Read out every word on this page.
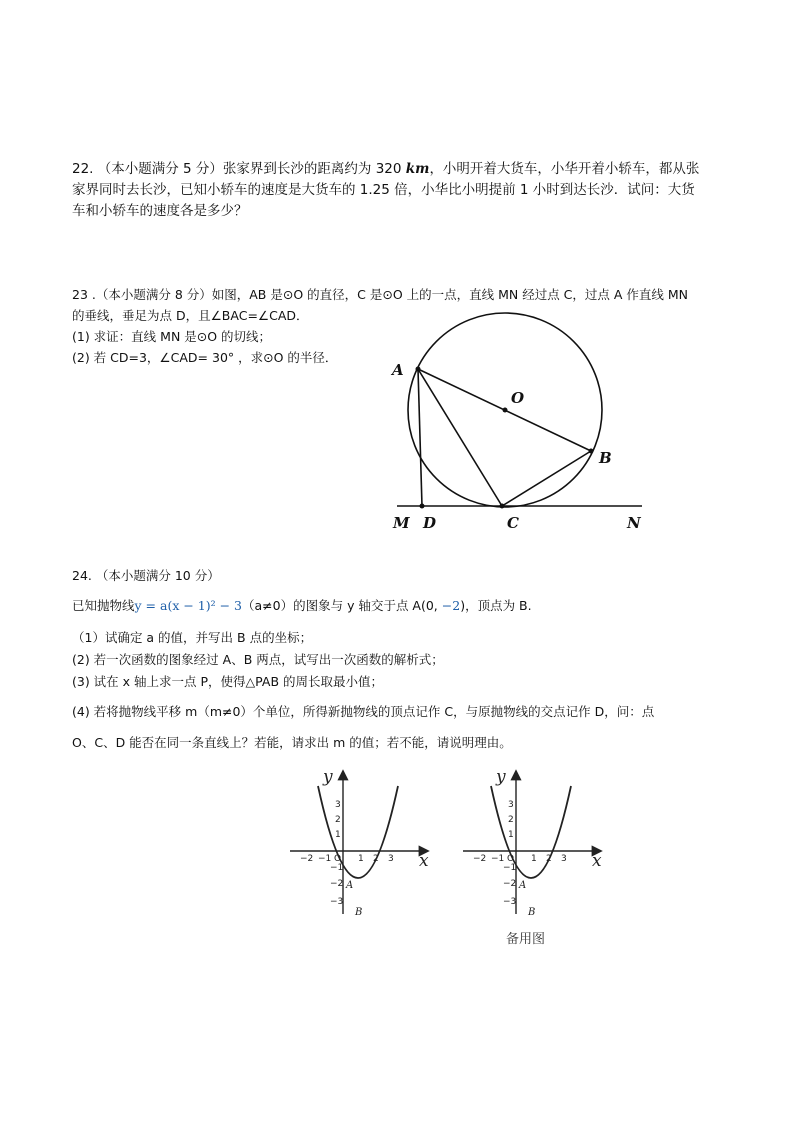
22. （本小题满分 5 分）张家界到长沙的距离约为 320 km，小明开着大货车，小华开着小轿车，都从张
家界同时去长沙，已知小轿车的速度是大货车的 1.25 倍，小华比小明提前 1 小时到达长沙．试问：大货
车和小轿车的速度各是多少？
23 .（本小题满分 8 分）如图，AB 是⊙O 的直径，C 是⊙O 上的一点，直线 MN 经过点 C，过点 A 作直线 MN
的垂线，垂足为点 D，且∠BAC=∠CAD．
(1) 求证：直线 MN 是⊙O 的切线；
(2) 若 CD=3，∠CAD= 30° ，求⊙O 的半径．
A
O
B
M D	C	N
24. （本小题满分 10 分）
已知抛物线y = a(x − 1)² − 3（a≠0）的图象与 y 轴交于点 A(0, −2)，顶点为 B.
（1）试确定 a 的值，并写出 B 点的坐标；
(2) 若一次函数的图象经过 A、B 两点，试写出一次函数的解析式；
(3) 试在 x 轴上求一点 P，使得△PAB 的周长取最小值；
(4) 若将抛物线平移 m（m≠0）个单位，所得新抛物线的顶点记作 C，与原抛物线的交点记作 D，问：点
O、C、D 能否在同一条直线上？若能，请求出 m 的值；若不能，请说明理由。
x
y
O
−2 −1	1 2 3
3
2
1
−1
−2
−3
A
B
x
y
O
−2 −1	1 2 3
3
2
1
−1
−2
−3
A
B
备用图
